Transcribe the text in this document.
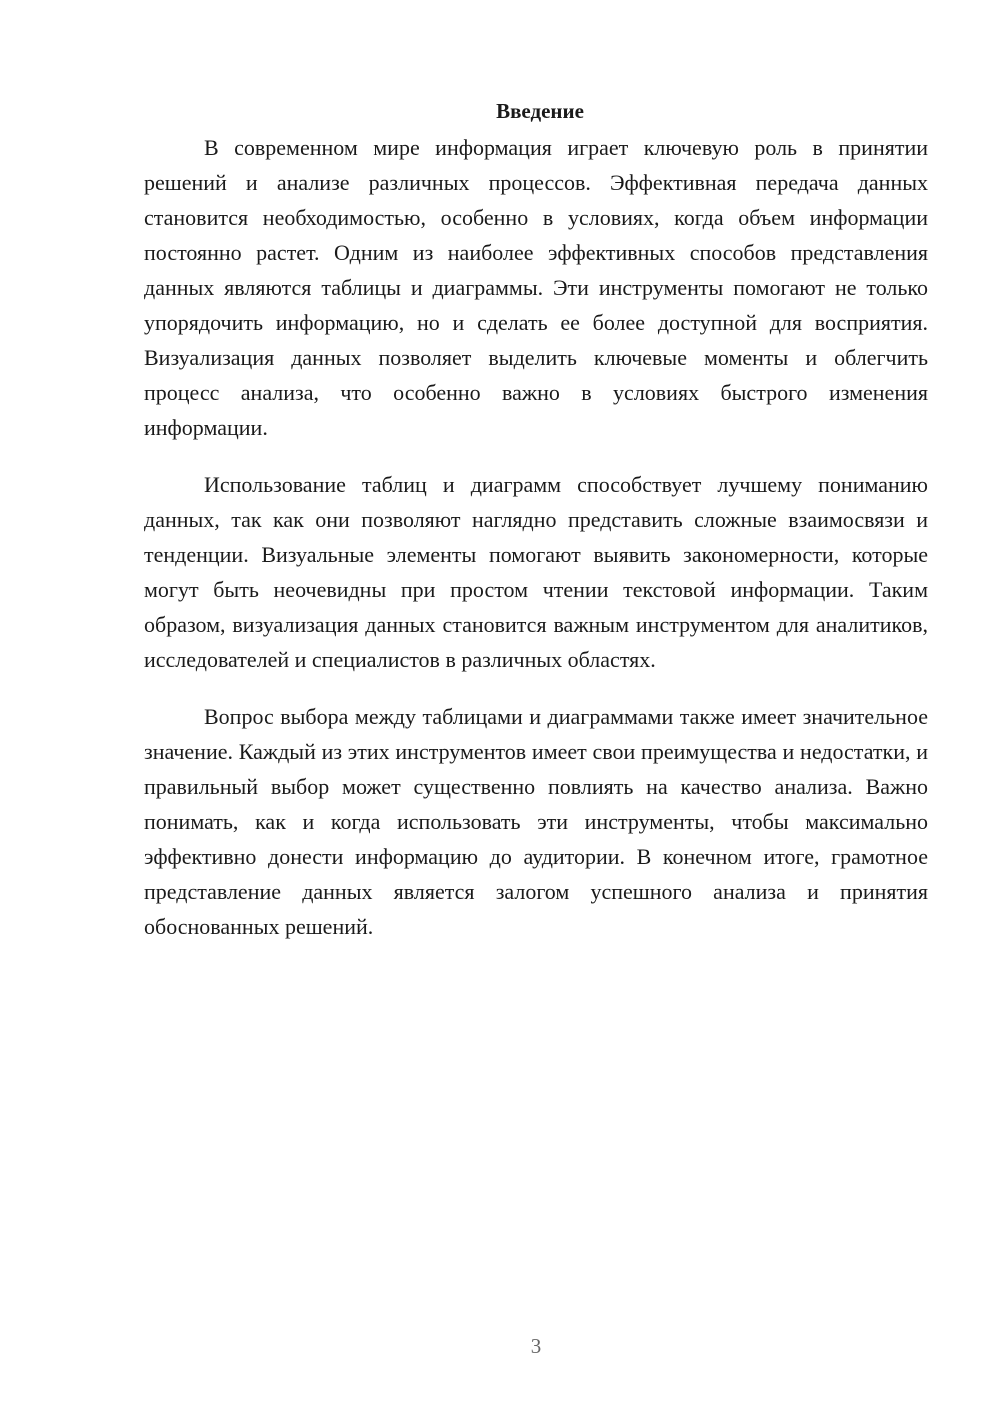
Введение

В современном мире информация играет ключевую роль в принятии решений и анализе различных процессов. Эффективная передача данных становится необходимостью, особенно в условиях, когда объем информации постоянно растет. Одним из наиболее эффективных способов представления данных являются таблицы и диаграммы. Эти инструменты помогают не только упорядочить информацию, но и сделать ее более доступной для восприятия. Визуализация данных позволяет выделить ключевые моменты и облегчить процесс анализа, что особенно важно в условиях быстрого изменения информации.

Использование таблиц и диаграмм способствует лучшему пониманию данных, так как они позволяют наглядно представить сложные взаимосвязи и тенденции. Визуальные элементы помогают выявить закономерности, которые могут быть неочевидны при простом чтении текстовой информации. Таким образом, визуализация данных становится важным инструментом для аналитиков, исследователей и специалистов в различных областях.

Вопрос выбора между таблицами и диаграммами также имеет значительное значение. Каждый из этих инструментов имеет свои преимущества и недостатки, и правильный выбор может существенно повлиять на качество анализа. Важно понимать, как и когда использовать эти инструменты, чтобы максимально эффективно донести информацию до аудитории. В конечном итоге, грамотное представление данных является залогом успешного анализа и принятия обоснованных решений.

3
